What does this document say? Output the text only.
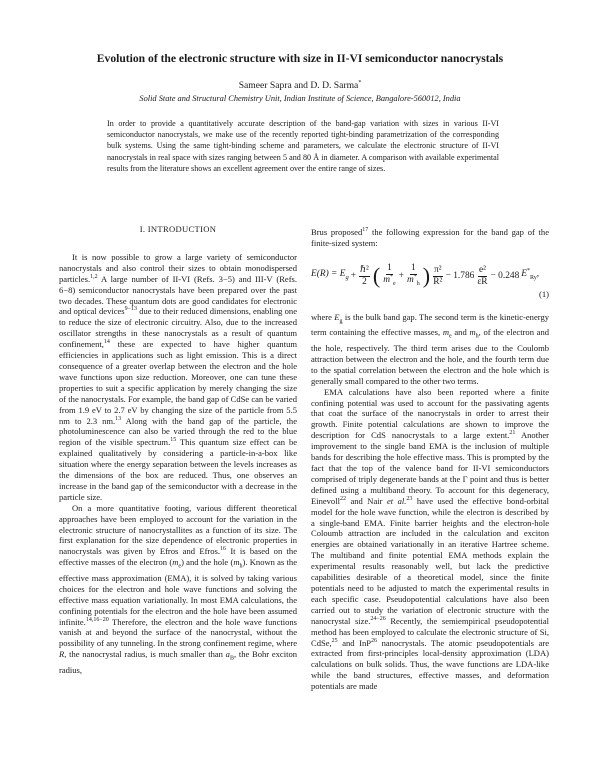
Evolution of the electronic structure with size in II-VI semiconductor nanocrystals
Sameer Sapra and D. D. Sarma*
Solid State and Structural Chemistry Unit, Indian Institute of Science, Bangalore-560012, India
In order to provide a quantitatively accurate description of the band-gap variation with sizes in various II-VI semiconductor nanocrystals, we make use of the recently reported tight-binding parametrization of the corresponding bulk systems. Using the same tight-binding scheme and parameters, we calculate the electronic structure of II-VI nanocrystals in real space with sizes ranging between 5 and 80 Å in diameter. A comparison with available experimental results from the literature shows an excellent agreement over the entire range of sizes.
I. INTRODUCTION

It is now possible to grow a large variety of semiconductor nanocrystals and also control their sizes to obtain monodispersed particles.$^{1,2}$ A large number of II-VI (Refs. 3−5) and III-V (Refs. 6−8) semiconductor nanocrystals have been prepared over the past two decades. These quantum dots are good candidates for electronic and optical devices$^{9-13}$ due to their reduced dimensions, enabling one to reduce the size of electronic circuitry. Also, due to the increased oscillator strengths in these nanocrystals as a result of quantum confinement,$^{14}$ these are expected to have higher quantum efficiencies in applications such as light emission. This is a direct consequence of a greater overlap between the electron and the hole wave functions upon size reduction. Moreover, one can tune these properties to suit a specific application by merely changing the size of the nanocrystals. For example, the band gap of CdSe can be varied from 1.9 eV to 2.7 eV by changing the size of the particle from 5.5 nm to 2.3 nm.$^{13}$ Along with the band gap of the particle, the photoluminescence can also be varied through the red to the blue region of the visible spectrum.$^{15}$ This quantum size effect can be explained qualitatively by considering a particle-in-a-box like situation where the energy separation between the levels increases as the dimensions of the box are reduced. Thus, one observes an increase in the band gap of the semiconductor with a decrease in the particle size.

On a more quantitative footing, various different theoretical approaches have been employed to account for the variation in the electronic structure of nanocrystallites as a function of its size. The first explanation for the size dependence of electronic properties in nanocrystals was given by Efros and Efros.$^{16}$ It is based on the effective masses of the electron $(m_e)$ and the hole $(m_h)$. Known as the effective mass approximation (EMA), it is solved by taking various choices for the electron and hole wave functions and solving the effective mass equation variationally. In most EMA calculations, the confining potentials for the electron and the hole have been assumed infinite.$^{14,16-20}$ Therefore, the electron and the hole wave functions vanish at and beyond the surface of the nanocrystal, without the possibility of any tunneling. In the strong confinement regime, where R, the nanocrystal radius, is much smaller than $a_B$, the Bohr exciton radius,

Brus proposed$^{17}$ the following expression for the band gap of the finite-sized system:

$E(R) = E_g + \frac{\text{ℏ²}}{2}$ ( $\frac{1}{m^*_e} + \frac{1}{m^*_h}$ ) $\frac{\text{π²}}{\text{R²}} - 1.786 \frac{\text{e²}}{\varepsilon R} - 0.248$ $E^*_{Ry}$,
(1)

where $E_g$ is the bulk band gap. The second term is the kinetic-energy term containing the effective masses, $m_e$ and $m_h$, of the electron and the hole, respectively. The third term arises due to the Coulomb attraction between the electron and the hole, and the fourth term due to the spatial correlation between the electron and the hole which is generally small compared to the other two terms.

EMA calculations have also been reported where a finite confining potential was used to account for the passivating agents that coat the surface of the nanocrystals in order to arrest their growth. Finite potential calculations are shown to improve the description for CdS nanocrystals to a large extent.$^{21}$ Another improvement to the single band EMA is the inclusion of multiple bands for describing the hole effective mass. This is prompted by the fact that the top of the valence band for II-VI semiconductors comprised of triply degenerate bands at the Γ point and thus is better defined using a multiband theory. To account for this degeneracy, Einevoll$^{22}$ and Nair et al.$^{23}$ have used the effective bond-orbital model for the hole wave function, while the electron is described by a single-band EMA. Finite barrier heights and the electron-hole Coloumb attraction are included in the calculation and exciton energies are obtained variationally in an iterative Hartree scheme. The multiband and finite potential EMA methods explain the experimental results reasonably well, but lack the predictive capabilities desirable of a theoretical model, since the finite potentials need to be adjusted to match the experimental results in each specific case. Pseudopotential calculations have also been carried out to study the variation of electronic structure with the nanocrystal size.$^{24-26}$ Recently, the semiempirical pseudopotential method has been employed to calculate the electronic structure of Si, CdSe,$^{25}$ and InP$^{26}$ nanocrystals. The atomic pseudopotentials are extracted from first-principles local-density approximation (LDA) calculations on bulk solids. Thus, the wave functions are LDA-like while the band structures, effective masses, and deformation potentials are made
